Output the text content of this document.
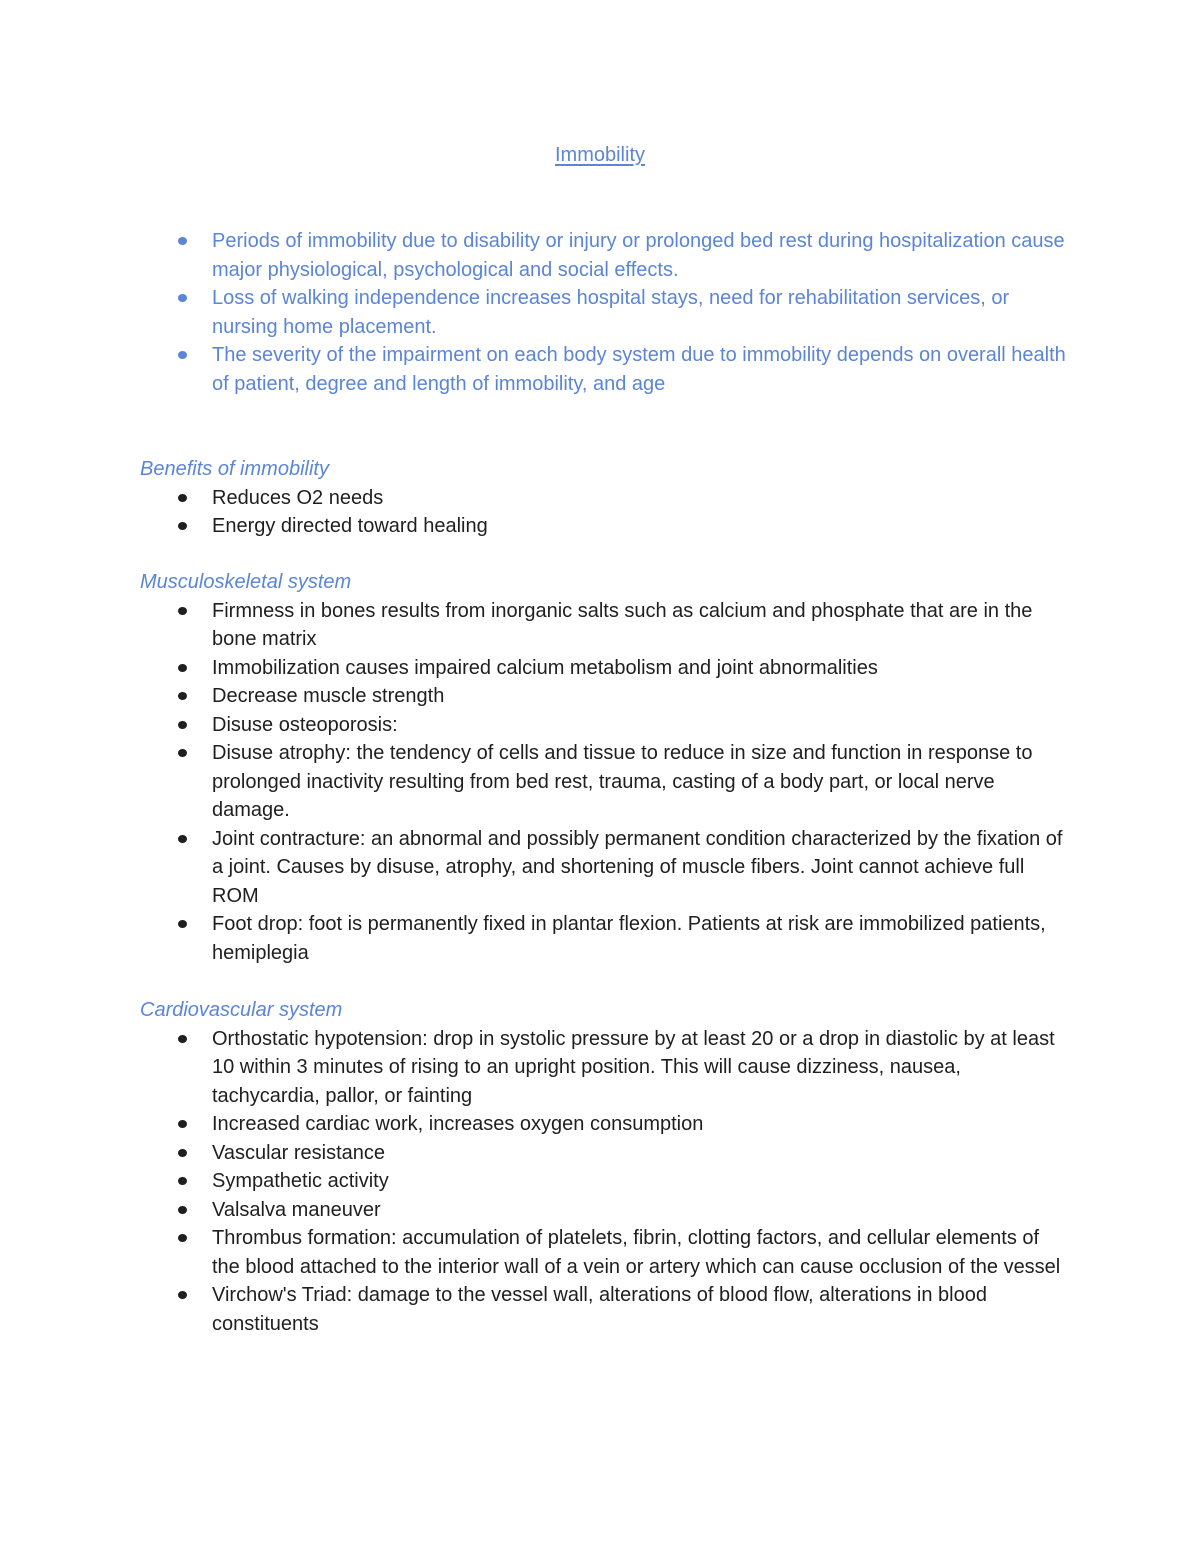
Immobility
Periods of immobility due to disability or injury or prolonged bed rest during hospitalization cause major physiological, psychological and social effects.
Loss of walking independence increases hospital stays, need for rehabilitation services, or nursing home placement.
The severity of the impairment on each body system due to immobility depends on overall health of patient, degree and length of immobility, and age
Benefits of immobility
Reduces O2 needs
Energy directed toward healing
Musculoskeletal system
Firmness in bones results from inorganic salts such as calcium and phosphate that are in the bone matrix
Immobilization causes impaired calcium metabolism and joint abnormalities
Decrease muscle strength
Disuse osteoporosis:
Disuse atrophy: the tendency of cells and tissue to reduce in size and function in response to prolonged inactivity resulting from bed rest, trauma, casting of a body part, or local nerve damage.
Joint contracture: an abnormal and possibly permanent condition characterized by the fixation of a joint. Causes by disuse, atrophy, and shortening of muscle fibers. Joint cannot achieve full ROM
Foot drop: foot is permanently fixed in plantar flexion. Patients at risk are immobilized patients, hemiplegia
Cardiovascular system
Orthostatic hypotension: drop in systolic pressure by at least 20 or a drop in diastolic by at least 10 within 3 minutes of rising to an upright position. This will cause dizziness, nausea, tachycardia, pallor, or fainting
Increased cardiac work, increases oxygen consumption
Vascular resistance
Sympathetic activity
Valsalva maneuver
Thrombus formation: accumulation of platelets, fibrin, clotting factors, and cellular elements of the blood attached to the interior wall of a vein or artery which can cause occlusion of the vessel
Virchow's Triad: damage to the vessel wall, alterations of blood flow, alterations in blood constituents
